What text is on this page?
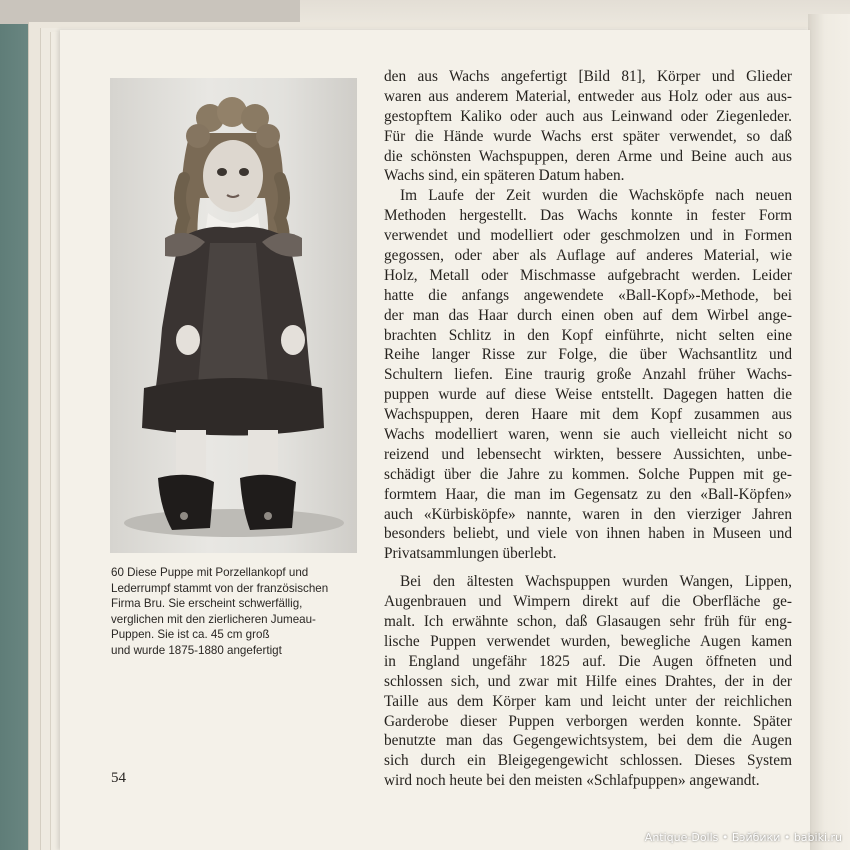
60 Diese Puppe mit Porzellankopf und
Lederrumpf stammt von der französischen
Firma Bru. Sie erscheint schwerfällig,
verglichen mit den zierlicheren Jumeau-
Puppen. Sie ist ca. 45 cm groß
und wurde 1875-1880 angefertigt
den aus Wachs angefertigt [Bild 81], Körper und Glieder
waren aus anderem Material, entweder aus Holz oder aus aus-
gestopftem Kaliko oder auch aus Leinwand oder Ziegenleder.
Für die Hände wurde Wachs erst später verwendet, so daß
die schönsten Wachspuppen, deren Arme und Beine auch aus
Wachs sind, ein späteren Datum haben.
Im Laufe der Zeit wurden die Wachsköpfe nach neuen
Methoden hergestellt. Das Wachs konnte in fester Form
verwendet und modelliert oder geschmolzen und in Formen
gegossen, oder aber als Auflage auf anderes Material, wie
Holz, Metall oder Mischmasse aufgebracht werden. Leider
hatte die anfangs angewendete «Ball-Kopf»-Methode, bei
der man das Haar durch einen oben auf dem Wirbel ange-
brachten Schlitz in den Kopf einführte, nicht selten eine
Reihe langer Risse zur Folge, die über Wachsantlitz und
Schultern liefen. Eine traurig große Anzahl früher Wachs-
puppen wurde auf diese Weise entstellt. Dagegen hatten die
Wachspuppen, deren Haare mit dem Kopf zusammen aus
Wachs modelliert waren, wenn sie auch vielleicht nicht so
reizend und lebensecht wirkten, bessere Aussichten, unbe-
schädigt über die Jahre zu kommen. Solche Puppen mit ge-
formtem Haar, die man im Gegensatz zu den «Ball-Köpfen»
auch «Kürbisköpfe» nannte, waren in den vierziger Jahren
besonders beliebt, und viele von ihnen haben in Museen und
Privatsammlungen überlebt.
Bei den ältesten Wachspuppen wurden Wangen, Lippen,
Augenbrauen und Wimpern direkt auf die Oberfläche ge-
malt. Ich erwähnte schon, daß Glasaugen sehr früh für eng-
lische Puppen verwendet wurden, bewegliche Augen kamen
in England ungefähr 1825 auf. Die Augen öffneten und
schlossen sich, und zwar mit Hilfe eines Drahtes, der in der
Taille aus dem Körper kam und leicht unter der reichlichen
Garderobe dieser Puppen verborgen werden konnte. Später
benutzte man das Gegengewichtsystem, bei dem die Augen
sich durch ein Bleigegengewicht schlossen. Dieses System
wird noch heute bei den meisten «Schlafpuppen» angewandt.
54
Antique-Dolls • Бэйбики • babiki.ru
